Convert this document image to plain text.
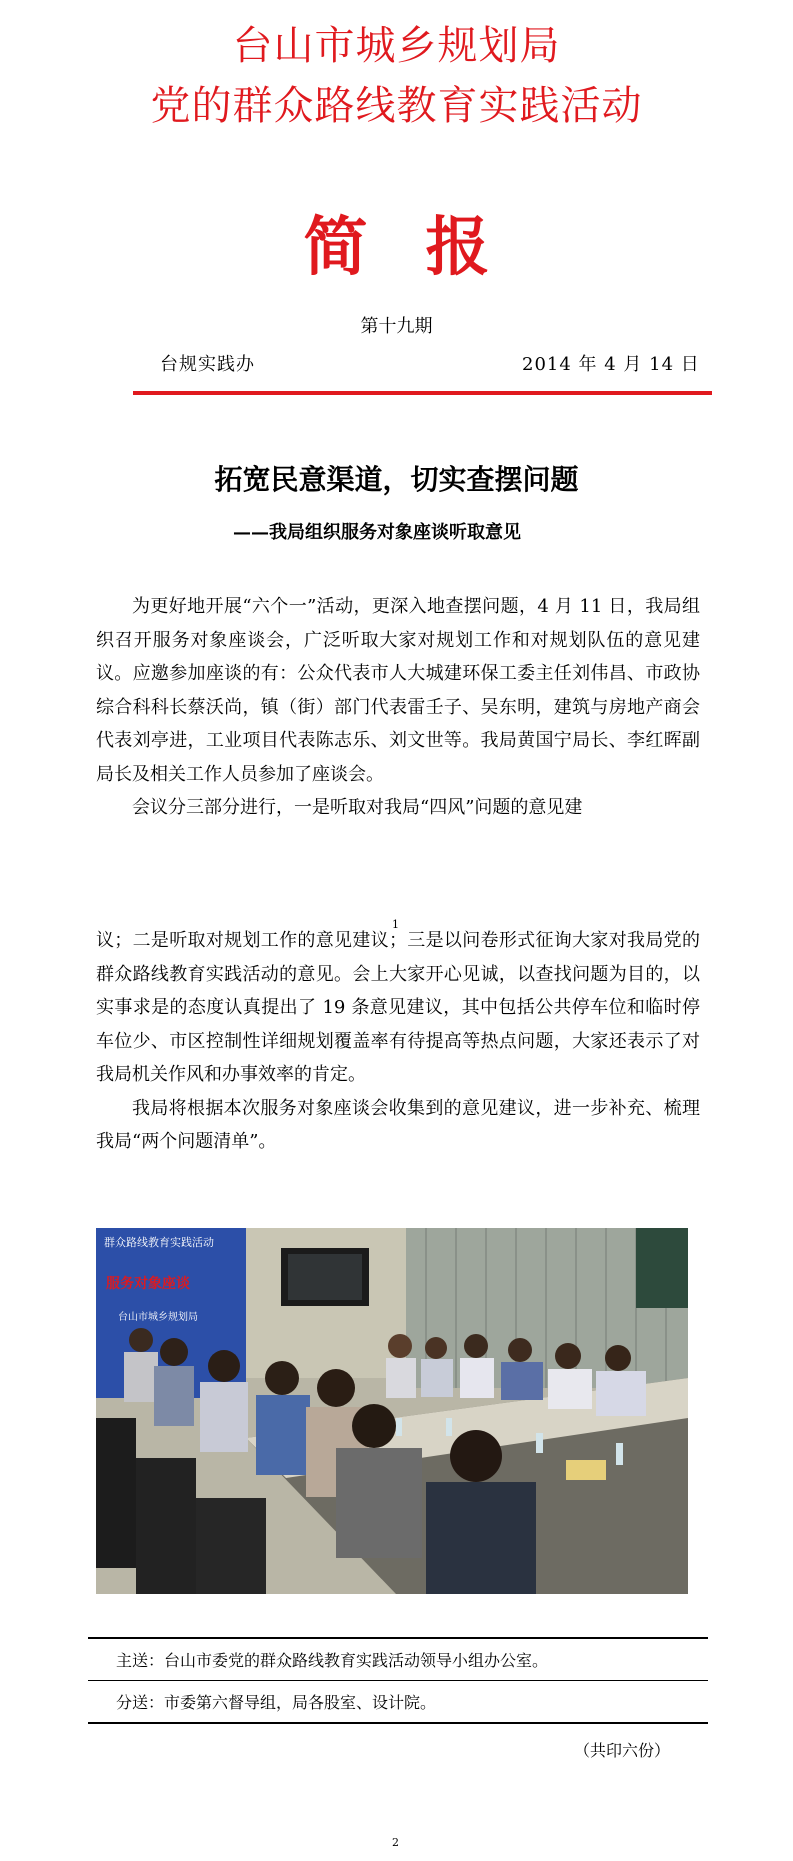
台山市城乡规划局
党的群众路线教育实践活动
简报
第十九期
台规实践办	2014 年 4 月 14 日
拓宽民意渠道，切实查摆问题
——我局组织服务对象座谈听取意见

为更好地开展“六个一”活动，更深入地查摆问题，4 月 11 日，我局组织召开服务对象座谈会，广泛听取大家对规划工作和对规划队伍的意见建议。应邀参加座谈的有：公众代表市人大城建环保工委主任刘伟昌、市政协综合科科长蔡沃尚，镇（街）部门代表雷壬子、吴东明，建筑与房地产商会代表刘亭进，工业项目代表陈志乐、刘文世等。我局黄国宁局长、李红晖副局长及相关工作人员参加了座谈会。

会议分三部分进行，一是听取对我局“四风”问题的意见建

1

议；二是听取对规划工作的意见建议；三是以问卷形式征询大家对我局党的群众路线教育实践活动的意见。会上大家开心见诚，以查找问题为目的，以实事求是的态度认真提出了 19 条意见建议，其中包括公共停车位和临时停车位少、市区控制性详细规划覆盖率有待提高等热点问题，大家还表示了对我局机关作风和办事效率的肯定。

我局将根据本次服务对象座谈会收集到的意见建议，进一步补充、梳理我局“两个问题清单”。

群众路线教育实践活动
服务对象座谈
台山市城乡规划局
主送：台山市委党的群众路线教育实践活动领导小组办公室。
分送：市委第六督导组，局各股室、设计院。
（共印六份）
2
